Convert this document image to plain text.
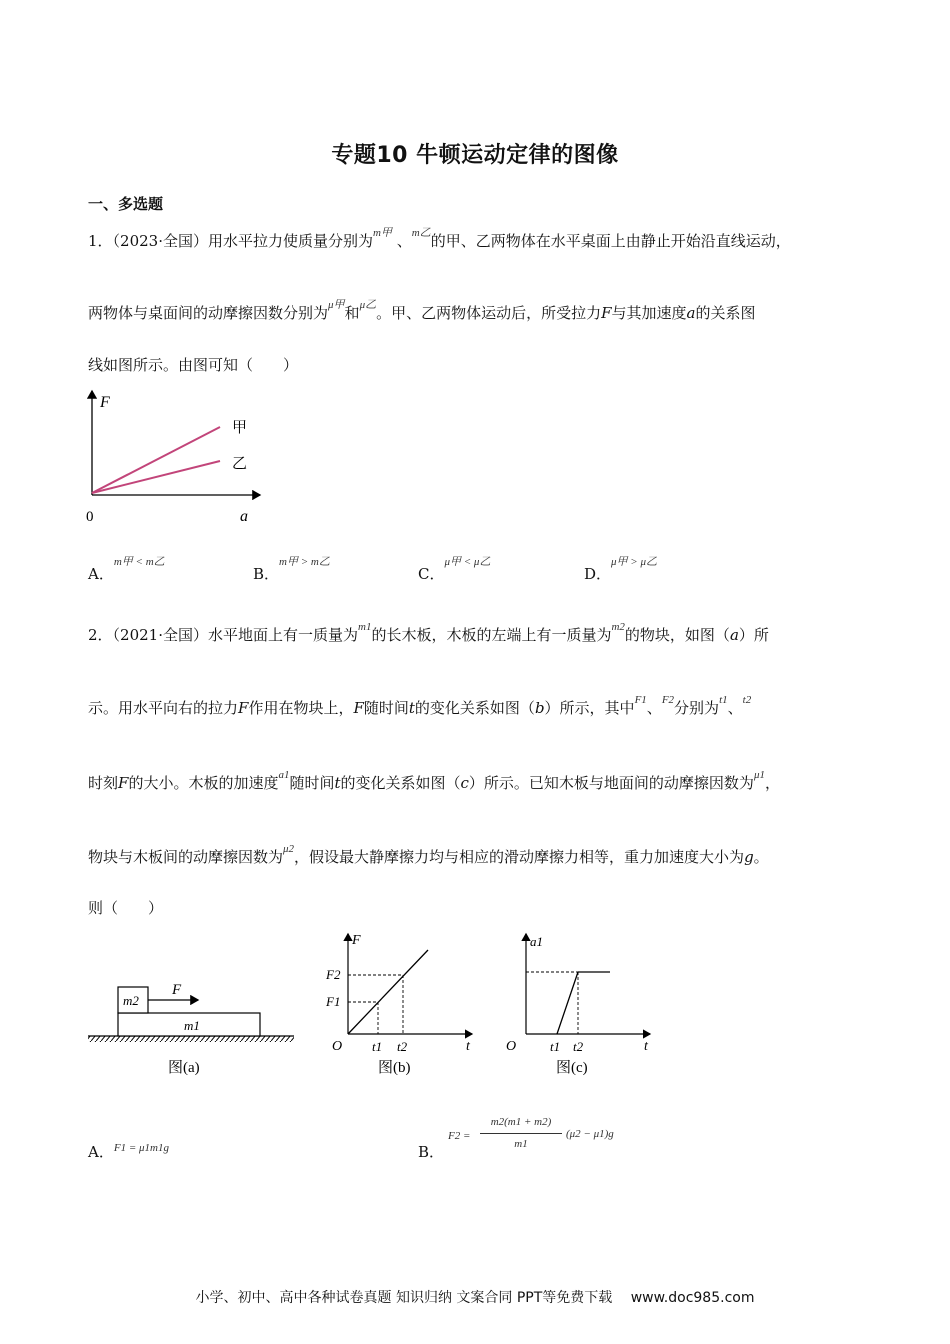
专题10 牛顿运动定律的图像
一、多选题
1．（2023·全国）用水平拉力使质量分别为$^{m甲}$ 、$^{m乙}$的甲、乙两物体在水平桌面上由静止开始沿直线运动，
两物体与桌面间的动摩擦因数分别为$^{\mu 甲}$和$^{\mu 乙}$。甲、乙两物体运动后，所受拉力F与其加速度a的关系图
线如图所示。由图可知（　　）
F
a
0
甲
乙
A．$^{m甲 < m乙}$
B．$^{m甲 > m乙}$
C．$^{\mu 甲 < \mu 乙}$
D．$^{\mu 甲 > \mu 乙}$
2．（2021·全国）水平地面上有一质量为$^{m1}$的长木板，木板的左端上有一质量为$^{m2}$的物块，如图（a）所
示。用水平向右的拉力F作用在物块上，F随时间t的变化关系如图（b）所示，其中$^{F1}$、$^{F2}$分别为$^{t1}$、$^{t2}$
时刻F的大小。木板的加速度$^{a1}$随时间t的变化关系如图（c）所示。已知木板与地面间的动摩擦因数为$^{\mu 1}$，
物块与木板间的动摩擦因数为$^{\mu 2}$，假设最大静摩擦力均与相应的滑动摩擦力相等，重力加速度大小为g。
则（　　）
m2
F
m1
图(a)
F
F2
F1
O t1 t2	t
图(b)
a1
O	t1 t2	t
图(c)
A．$^{F1 = \mu 1m1g}$	B．
F2 =
m2(m1 + m2)
m1
(μ2 − μ1)g
小学、初中、高中各种试卷真题 知识归纳 文案合同 PPT等免费下载　 www.doc985.com
